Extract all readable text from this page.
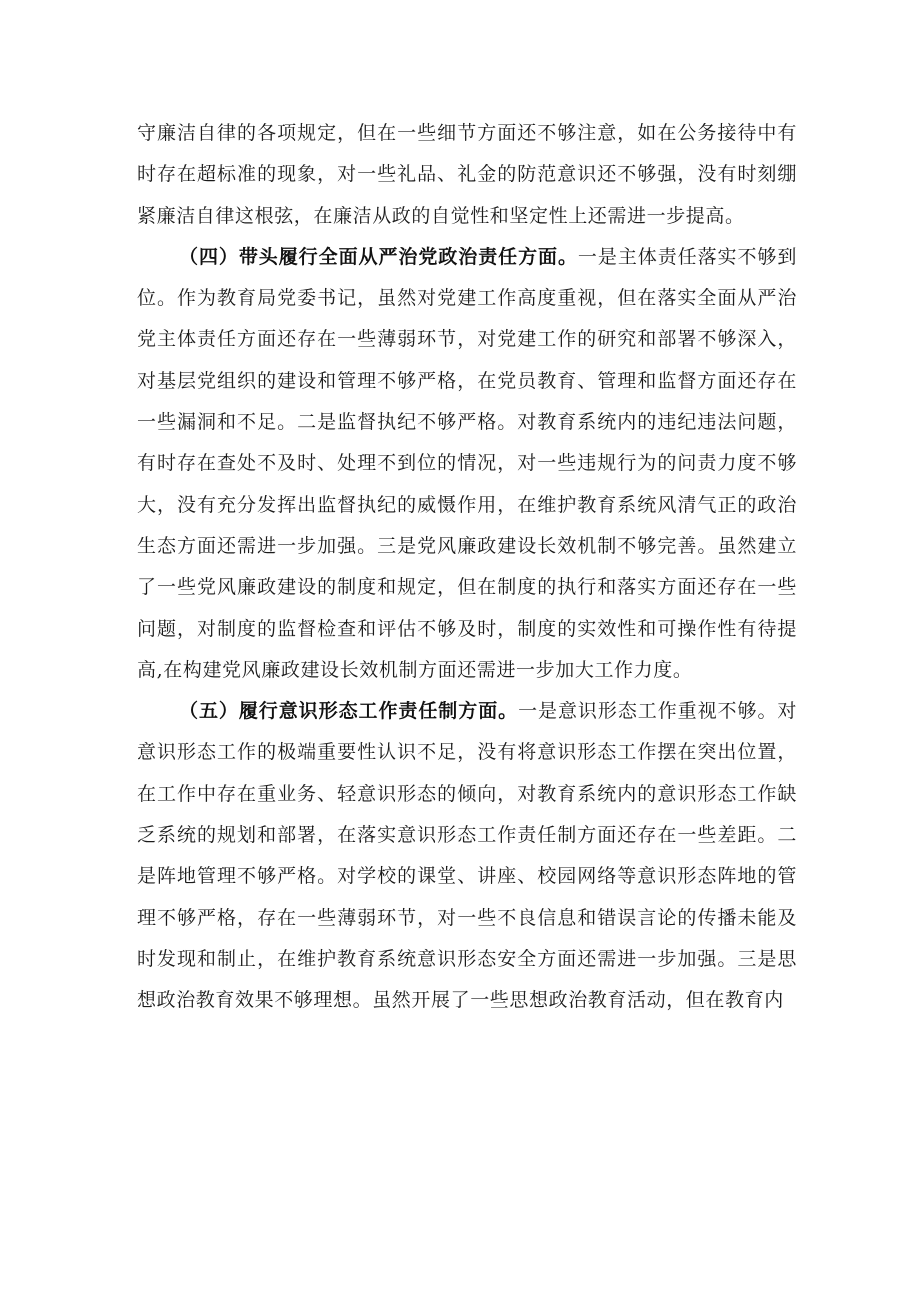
守廉洁自律的各项规定，但在一些细节方面还不够注意，如在公务接待中有时存在超标准的现象，对一些礼品、礼金的防范意识还不够强，没有时刻绷紧廉洁自律这根弦，在廉洁从政的自觉性和坚定性上还需进一步提高。

（四）带头履行全面从严治党政治责任方面。一是主体责任落实不够到位。作为教育局党委书记，虽然对党建工作高度重视，但在落实全面从严治党主体责任方面还存在一些薄弱环节，对党建工作的研究和部署不够深入，对基层党组织的建设和管理不够严格，在党员教育、管理和监督方面还存在一些漏洞和不足。二是监督执纪不够严格。对教育系统内的违纪违法问题，有时存在查处不及时、处理不到位的情况，对一些违规行为的问责力度不够大，没有充分发挥出监督执纪的威慑作用，在维护教育系统风清气正的政治生态方面还需进一步加强。三是党风廉政建设长效机制不够完善。虽然建立了一些党风廉政建设的制度和规定，但在制度的执行和落实方面还存在一些问题，对制度的监督检查和评估不够及时，制度的实效性和可操作性有待提高,在构建党风廉政建设长效机制方面还需进一步加大工作力度。

（五）履行意识形态工作责任制方面。一是意识形态工作重视不够。对意识形态工作的极端重要性认识不足，没有将意识形态工作摆在突出位置，在工作中存在重业务、轻意识形态的倾向，对教育系统内的意识形态工作缺乏系统的规划和部署，在落实意识形态工作责任制方面还存在一些差距。二是阵地管理不够严格。对学校的课堂、讲座、校园网络等意识形态阵地的管理不够严格，存在一些薄弱环节，对一些不良信息和错误言论的传播未能及时发现和制止，在维护教育系统意识形态安全方面还需进一步加强。三是思想政治教育效果不够理想。虽然开展了一些思想政治教育活动，但在教育内
